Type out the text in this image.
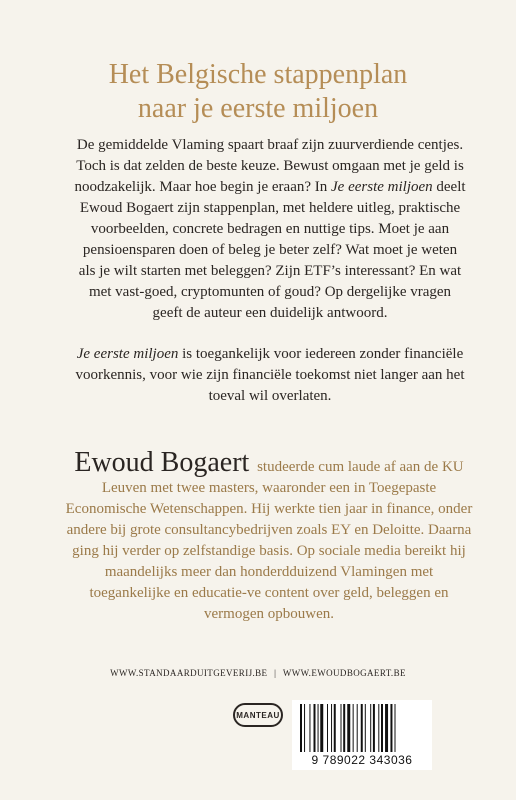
Het Belgische stappenplan
naar je eerste miljoen

De gemiddelde Vlaming spaart braaf zijn zuurverdiende centjes. Toch is dat zelden de beste keuze. Bewust omgaan met je geld is noodzakelijk. Maar hoe begin je eraan? In Je eerste miljoen deelt Ewoud Bogaert zijn stappenplan, met heldere uitleg, praktische voorbeelden, concrete bedragen en nuttige tips. Moet je aan pensioensparen doen of beleg je beter zelf? Wat moet je weten als je wilt starten met beleggen? Zijn ETF’s interessant? En wat met vast-goed, cryptomunten of goud? Op dergelijke vragen geeft de auteur een duidelijk antwoord.

Je eerste miljoen is toegankelijk voor iedereen zonder financiële voorkennis, voor wie zijn financiële toekomst niet langer aan het toeval wil overlaten.

Ewoud Bogaert studeerde cum laude af aan de KU Leuven met twee masters, waaronder een in Toegepaste Economische Wetenschappen. Hij werkte tien jaar in finance, onder andere bij grote consultancybedrijven zoals EY en Deloitte. Daarna ging hij verder op zelfstandige basis. Op sociale media bereikt hij maandelijks meer dan honderdduizend Vlamingen met toegankelijke en educatie-ve content over geld, beleggen en vermogen opbouwen.
WWW.STANDAARDUITGEVERIJ.BE | WWW.EWOUDBOGAERT.BE
MANTEAU
9 789022 343036
